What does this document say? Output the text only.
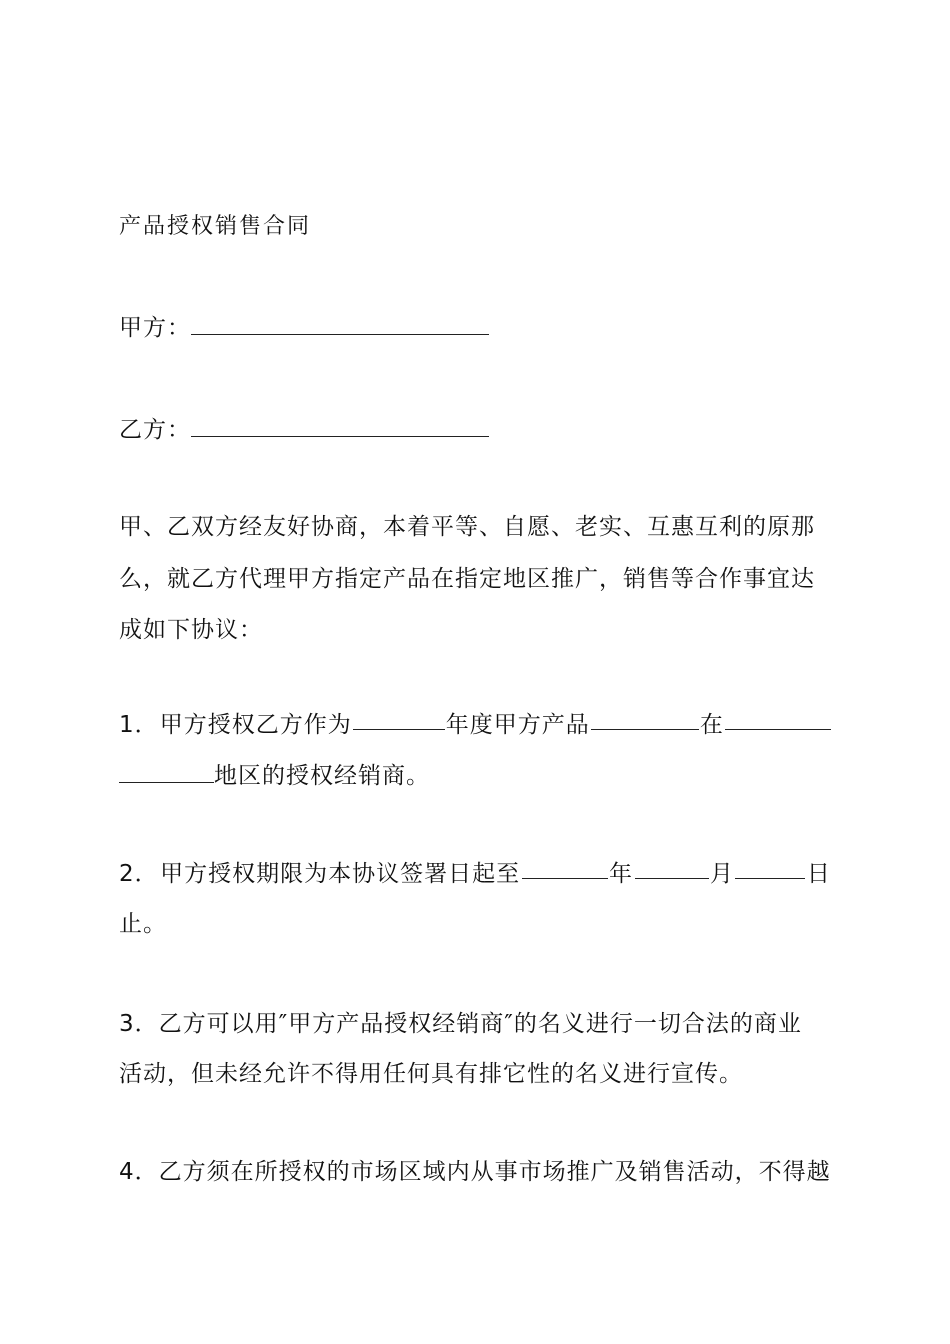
产品授权销售合同
甲方：
乙方：
甲、乙双方经友好协商，本着平等、自愿、老实、互惠互利的原那
么，就乙方代理甲方指定产品在指定地区推广，销售等合作事宜达
成如下协议：
1． 甲方授权乙方作为	年度甲方产品	在
地区的授权经销商。
2． 甲方授权期限为本协议签署日起至	年	月	日
止。
3．乙方可以用″甲方产品授权经销商″的名义进行一切合法的商业
活动，但未经允许不得用任何具有排它性的名义进行宣传。
4．乙方须在所授权的市场区域内从事市场推广及销售活动，不得越
